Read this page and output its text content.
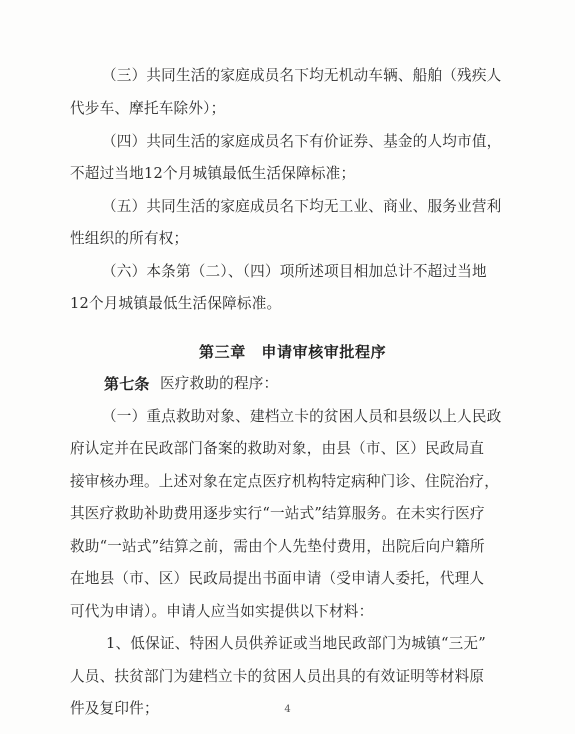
（三）共同生活的家庭成员名下均无机动车辆、船舶（残疾人
代步车、摩托车除外）；
（四）共同生活的家庭成员名下有价证券、基金的人均市值，
不超过当地12个月城镇最低生活保障标准；
（五）共同生活的家庭成员名下均无工业、商业、服务业营利
性组织的所有权；
（六）本条第（二）、（四）项所述项目相加总计不超过当地
12个月城镇最低生活保障标准。
第三章　申请审核审批程序
第七条 医疗救助的程序：
（一）重点救助对象、建档立卡的贫困人员和县级以上人民政
府认定并在民政部门备案的救助对象，由县（市、区）民政局直
接审核办理。上述对象在定点医疗机构特定病种门诊、住院治疗，
其医疗救助补助费用逐步实行“一站式”结算服务。在未实行医疗
救助“一站式”结算之前，需由个人先垫付费用，出院后向户籍所
在地县（市、区）民政局提出书面申请（受申请人委托，代理人
可代为申请）。申请人应当如实提供以下材料：
1、低保证、特困人员供养证或当地民政部门为城镇“三无”
人员、扶贫部门为建档立卡的贫困人员出具的有效证明等材料原
件及复印件；	4
